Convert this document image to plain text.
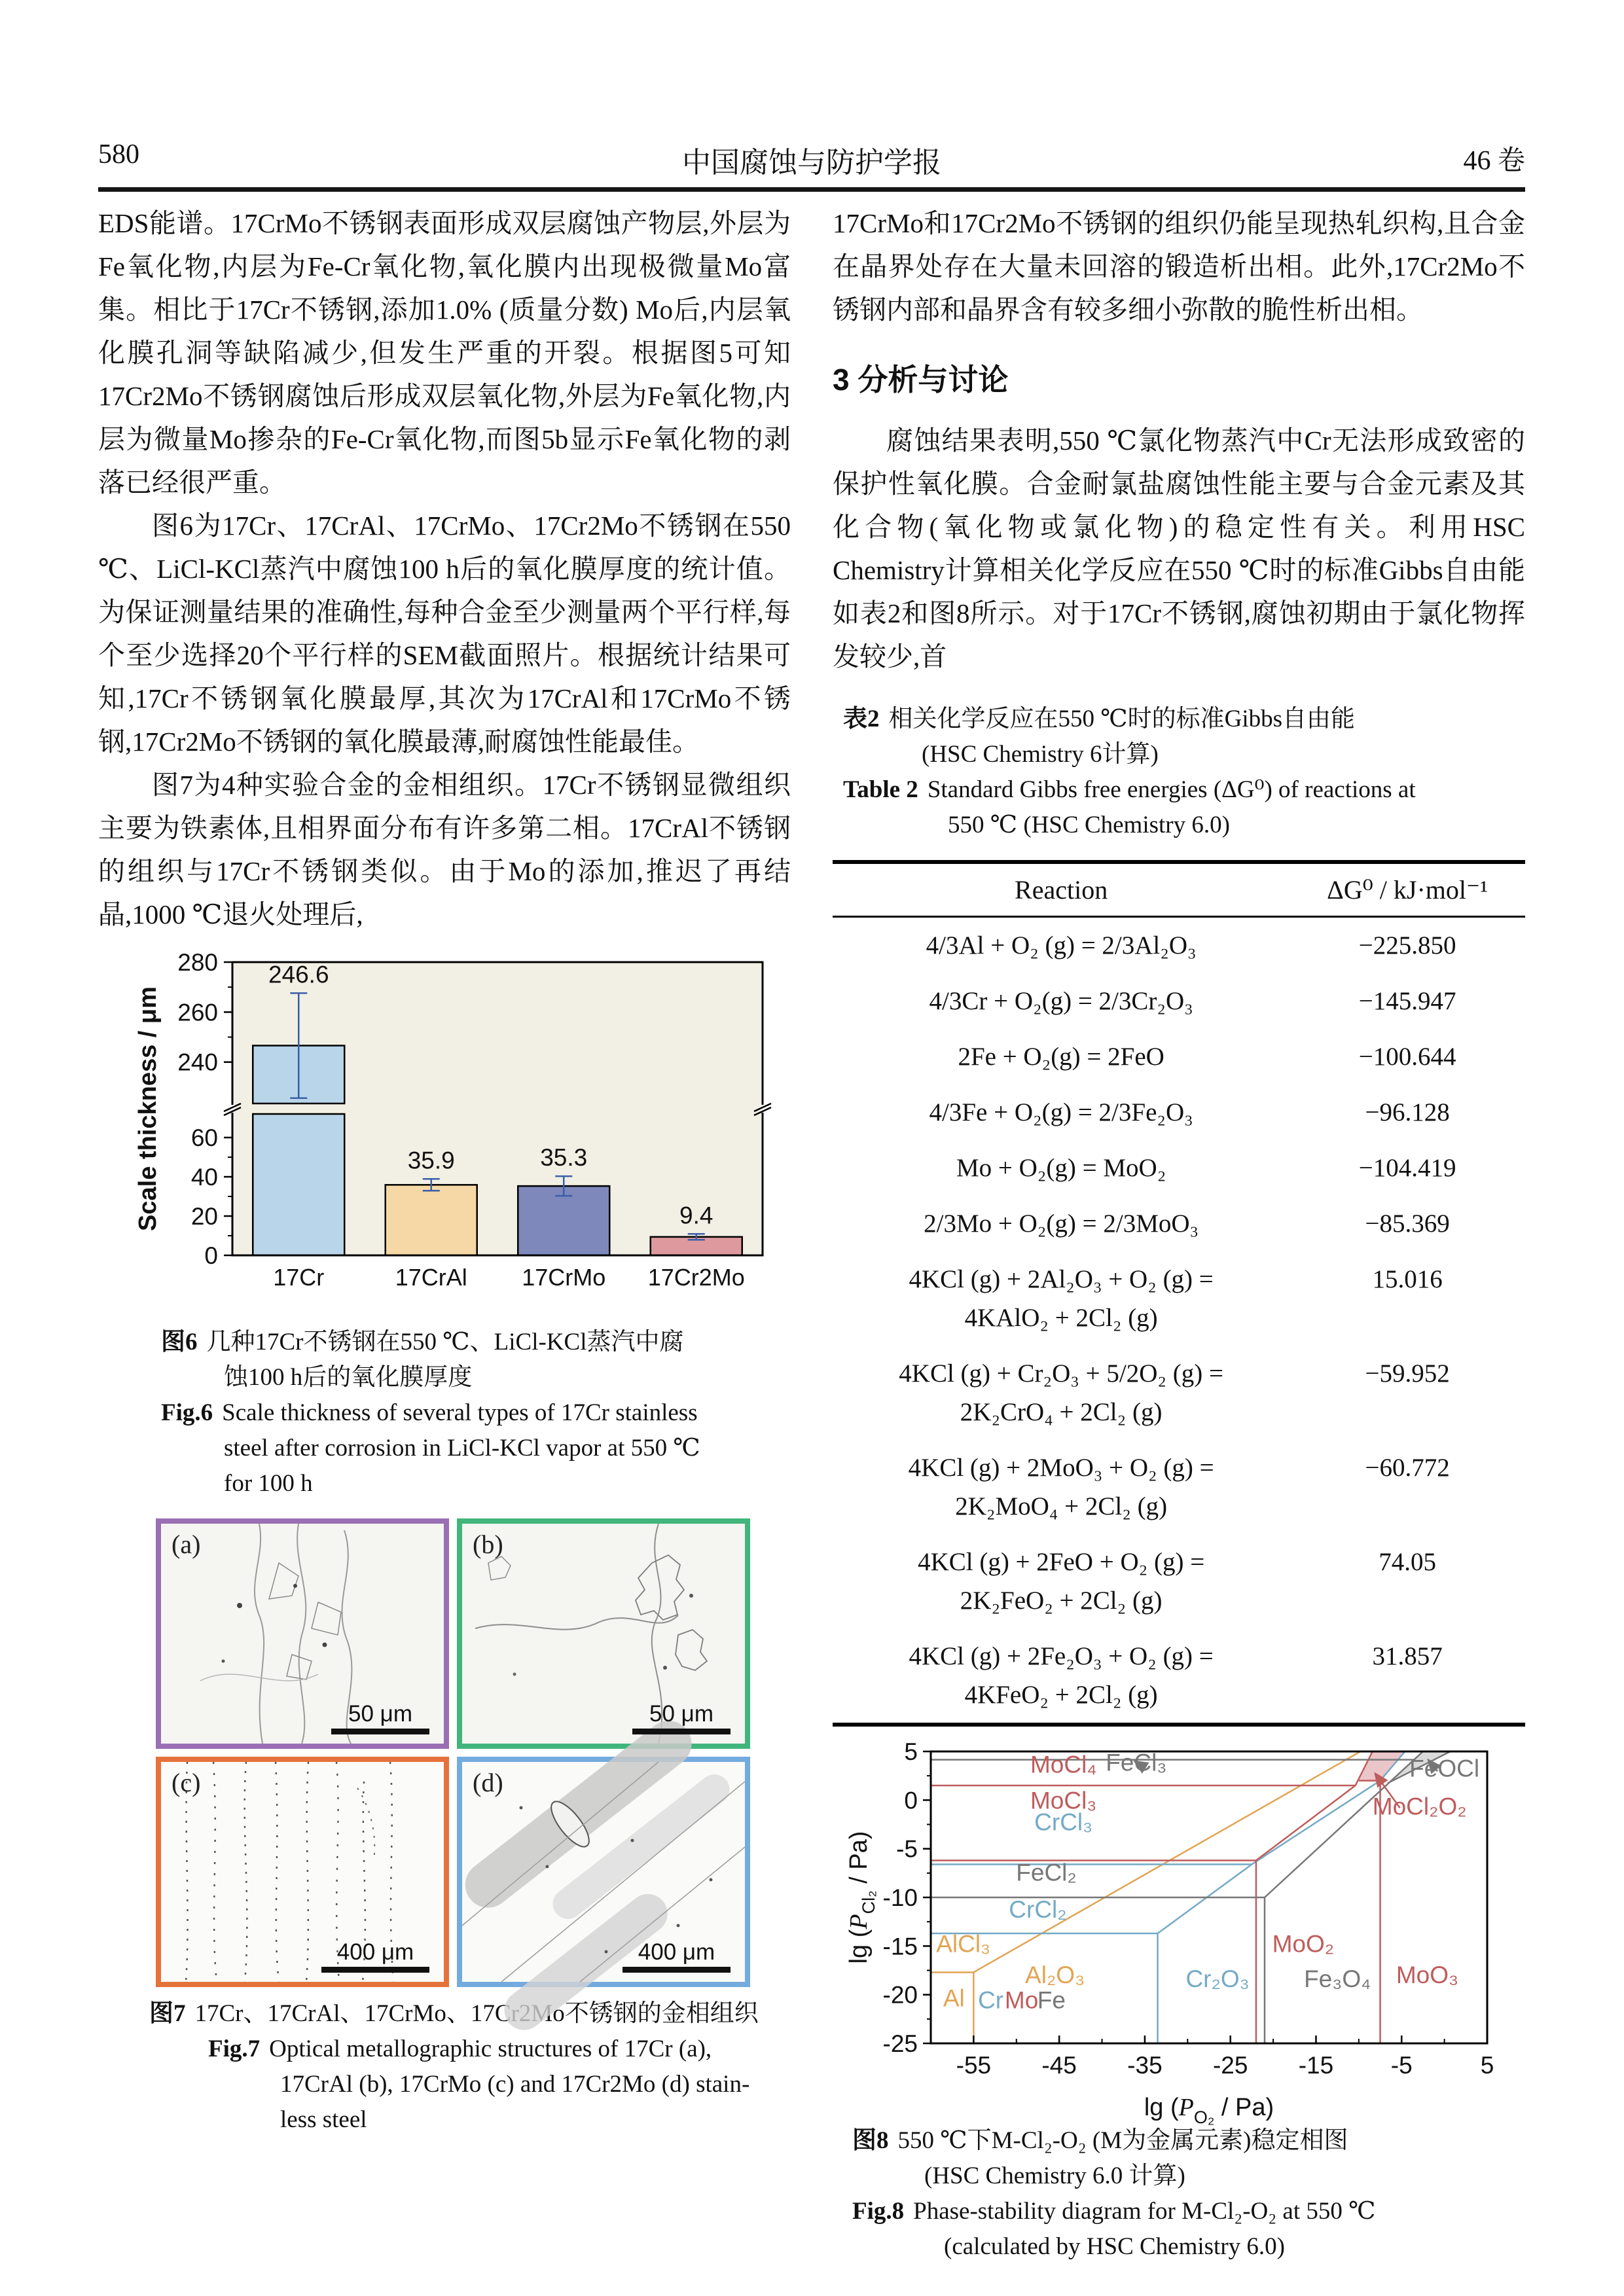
580	中国腐蚀与防护学报	46 卷

EDS能谱。17CrMo不锈钢表面形成双层腐蚀产物层,外层为Fe氧化物,内层为Fe-Cr氧化物,氧化膜内出现极微量Mo富集。相比于17Cr不锈钢,添加1.0% (质量分数) Mo后,内层氧化膜孔洞等缺陷减少,但发生严重的开裂。根据图5可知17Cr2Mo不锈钢腐蚀后形成双层氧化物,外层为Fe氧化物,内层为微量Mo掺杂的Fe-Cr氧化物,而图5b显示Fe氧化物的剥落已经很严重。

图6为17Cr、17CrAl、17CrMo、17Cr2Mo不锈钢在550 ℃、LiCl-KCl蒸汽中腐蚀100 h后的氧化膜厚度的统计值。为保证测量结果的准确性,每种合金至少测量两个平行样,每个至少选择20个平行样的SEM截面照片。根据统计结果可知,17Cr不锈钢氧化膜最厚,其次为17CrAl和17CrMo不锈钢,17Cr2Mo不锈钢的氧化膜最薄,耐腐蚀性能最佳。

图7为4种实验合金的金相组织。17Cr不锈钢显微组织主要为铁素体,且相界面分布有许多第二相。17CrAl不锈钢的组织与17Cr不锈钢类似。由于Mo的添加,推迟了再结晶,1000 ℃退火处理后,

246.6
17Cr
35.9
17CrAl
35.3
17CrMo
9.4
17Cr2Mo
0
20
40
60
240
260
280
Scale thickness / μm
图6 几种17Cr不锈钢在550 ℃、LiCl-KCl蒸汽中腐
蚀100 h后的氧化膜厚度
Fig.6 Scale thickness of several types of 17Cr stainless
steel after corrosion in LiCl-KCl vapor at 550 ℃
for 100 h
(a)
50 μm
(b)
50 μm
(c)
400 μm
(d)
400 μm
图7 17Cr、17CrAl、17CrMo、17Cr2Mo不锈钢的金相组织
Fig.7 Optical metallographic structures of 17Cr (a),
17CrAl (b), 17CrMo (c) and 17Cr2Mo (d) stain-
less steel

17CrMo和17Cr2Mo不锈钢的组织仍能呈现热轧织构,且合金在晶界处存在大量未回溶的锻造析出相。此外,17Cr2Mo不锈钢内部和晶界含有较多细小弥散的脆性析出相。

3 分析与讨论

腐蚀结果表明,550 ℃氯化物蒸汽中Cr无法形成致密的保护性氧化膜。合金耐氯盐腐蚀性能主要与合金元素及其化合物(氧化物或氯化物)的稳定性有关。利用HSC Chemistry计算相关化学反应在550 ℃时的标准Gibbs自由能如表2和图8所示。对于17Cr不锈钢,腐蚀初期由于氯化物挥发较少,首

表2 相关化学反应在550 ℃时的标准Gibbs自由能
(HSC Chemistry 6计算)
Table 2 Standard Gibbs free energies (ΔG⁰) of reactions at
550 ℃ (HSC Chemistry 6.0)
Reaction	ΔG⁰ / kJ·mol⁻¹

4/3Al + O₂ (g) = 2/3Al₂O₃	−225.850

4/3Cr + O₂(g) = 2/3Cr₂O₃	−145.947

2Fe + O₂(g) = 2FeO	−100.644

4/3Fe + O₂(g) = 2/3Fe₂O₃	−96.128

Mo + O₂(g) = MoO₂	−104.419

2/3Mo + O₂(g) = 2/3MoO₃	−85.369

4KCl (g) + 2Al₂O₃ + O₂ (g) =
4KAlO₂ + 2Cl₂ (g)	15.016

4KCl (g) + Cr₂O₃ + 5/2O₂ (g) =
2K₂CrO₄ + 2Cl₂ (g)	−59.952

4KCl (g) + 2MoO₃ + O₂ (g) =
2K₂MoO₄ + 2Cl₂ (g)	−60.772

4KCl (g) + 2FeO + O₂ (g) =
2K₂FeO₂ + 2Cl₂ (g)	74.05

4KCl (g) + 2Fe₂O₃ + O₂ (g) =
4KFeO₂ + 2Cl₂ (g)	31.857
MoCl₄ FeCl₃
MoCl₃
CrCl₃
FeOCl
MoCl₂O₂
FeCl₂
CrCl₂
AlCl₃	MoO₂
Al₂O₃	Cr₂O₃ Fe₃O₄ MoO₃
Al Cr Mo
Fe
-55 -45 -35 -25 -15 -5	5
5
0
-5
-10
-15
-20
-25
$\lg (P_{O_2} / Pa)$
$\lg (P_{Cl_2} / Pa)$
图8 550 ℃下M-Cl₂-O₂ (M为金属元素)稳定相图
(HSC Chemistry 6.0 计算)
Fig.8 Phase-stability diagram for M-Cl₂-O₂ at 550 ℃
(calculated by HSC Chemistry 6.0)
